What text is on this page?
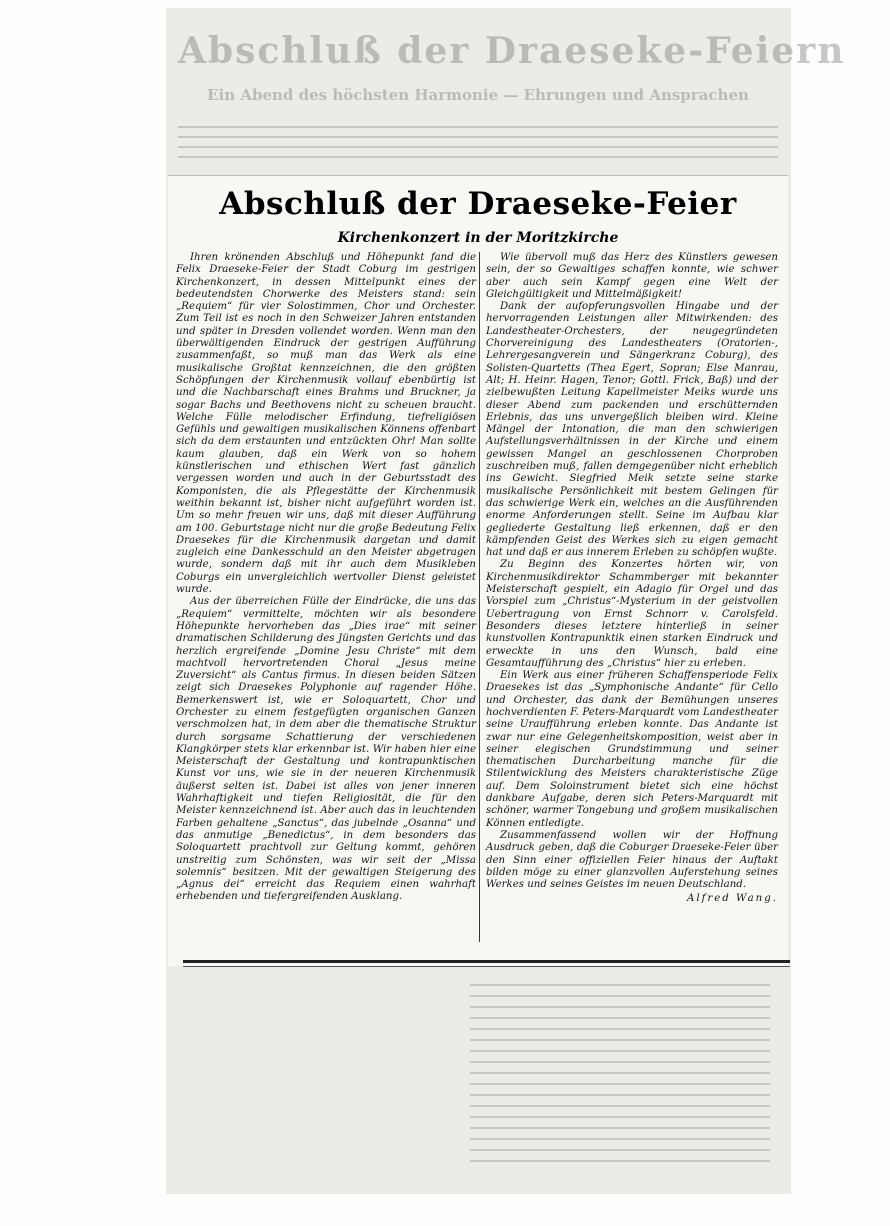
Abschluß der Draeseke-Feiern
Ein Abend des höchsten Harmonie — Ehrungen und Ansprachen
Abschluß der Draeseke-Feier
Kirchenkonzert in der Moritzkirche

Ihren krönenden Abschluß und Höhepunkt fand die Felix Draeseke-Feier der Stadt Coburg im gestrigen Kirchenkonzert, in dessen Mittelpunkt eines der bedeutendsten Chorwerke des Meisters stand: sein „Requiem“ für vier Solostimmen, Chor und Orchester. Zum Teil ist es noch in den Schweizer Jahren entstanden und später in Dresden vollendet worden. Wenn man den überwältigenden Eindruck der gestrigen Aufführung zusammenfaßt, so muß man das Werk als eine musikalische Großtat kennzeichnen, die den größten Schöpfungen der Kirchenmusik vollauf ebenbürtig ist und die Nachbarschaft eines Brahms und Bruckner, ja sogar Bachs und Beethovens nicht zu scheuen braucht. Welche Fülle melodischer Erfindung, tiefreligiösen Gefühls und gewaltigen musikalischen Könnens offenbart sich da dem erstaunten und entzückten Ohr! Man sollte kaum glauben, daß ein Werk von so hohem künstlerischen und ethischen Wert fast gänzlich vergessen worden und auch in der Geburtsstadt des Komponisten, die als Pflegestätte der Kirchenmusik weithin bekannt ist, bisher nicht aufgeführt worden ist. Um so mehr freuen wir uns, daß mit dieser Aufführung am 100. Geburtstage nicht nur die große Bedeutung Felix Draesekes für die Kirchenmusik dargetan und damit zugleich eine Dankesschuld an den Meister abgetragen wurde, sondern daß mit ihr auch dem Musikleben Coburgs ein unvergleichlich wertvoller Dienst geleistet wurde.

Aus der überreichen Fülle der Eindrücke, die uns das „Requiem“ vermittelte, möchten wir als besondere Höhepunkte hervorheben das „Dies irae“ mit seiner dramatischen Schilderung des Jüngsten Gerichts und das herzlich ergreifende „Domine Jesu Christe“ mit dem machtvoll hervortretenden Choral „Jesus meine Zuversicht“ als Cantus firmus. In diesen beiden Sätzen zeigt sich Draesekes Polyphonie auf ragender Höhe. Bemerkenswert ist, wie er Soloquartett, Chor und Orchester zu einem festgefügten organischen Ganzen verschmolzen hat, in dem aber die thematische Struktur durch sorgsame Schattierung der verschiedenen Klangkörper stets klar erkennbar ist. Wir haben hier eine Meisterschaft der Gestaltung und kontrapunktischen Kunst vor uns, wie sie in der neueren Kirchenmusik äußerst selten ist. Dabei ist alles von jener inneren Wahrhaftigkeit und tiefen Religiosität, die für den Meister kennzeichnend ist. Aber auch das in leuchtenden Farben gehaltene „Sanctus“, das jubelnde „Osanna“ und das anmutige „Benedictus“, in dem besonders das Soloquartett prachtvoll zur Geltung kommt, gehören unstreitig zum Schönsten, was wir seit der „Missa solemnis“ besitzen. Mit der gewaltigen Steigerung des „Agnus dei“ erreicht das Requiem einen wahrhaft erhebenden und tiefergreifenden Ausklang.

Wie übervoll muß das Herz des Künstlers gewesen sein, der so Gewaltiges schaffen konnte, wie schwer aber auch sein Kampf gegen eine Welt der Gleichgültigkeit und Mittelmäßigkeit!

Dank der aufopferungsvollen Hingabe und der hervorragenden Leistungen aller Mitwirkenden: des Landestheater-Orchesters, der neugegründeten Chorvereinigung des Landestheaters (Oratorien-, Lehrergesangverein und Sängerkranz Coburg), des Solisten-Quartetts (Thea Egert, Sopran; Else Manrau, Alt; H. Heinr. Hagen, Tenor; Gottl. Frick, Baß) und der zielbewußten Leitung Kapellmeister Meiks wurde uns dieser Abend zum packenden und erschütternden Erlebnis, das uns unvergeßlich bleiben wird. Kleine Mängel der Intonation, die man den schwierigen Aufstellungsverhältnissen in der Kirche und einem gewissen Mangel an geschlossenen Chorproben zuschreiben muß, fallen demgegenüber nicht erheblich ins Gewicht. Siegfried Meik setzte seine starke musikalische Persönlichkeit mit bestem Gelingen für das schwierige Werk ein, welches an die Ausführenden enorme Anforderungen stellt. Seine im Aufbau klar gegliederte Gestaltung ließ erkennen, daß er den kämpfenden Geist des Werkes sich zu eigen gemacht hat und daß er aus innerem Erleben zu schöpfen wußte.

Zu Beginn des Konzertes hörten wir, von Kirchenmusikdirektor Schammberger mit bekannter Meisterschaft gespielt, ein Adagio für Orgel und das Vorspiel zum „Christus“-Mysterium in der geistvollen Uebertragung von Ernst Schnorr v. Carolsfeld. Besonders dieses letztere hinterließ in seiner kunstvollen Kontrapunktik einen starken Eindruck und erweckte in uns den Wunsch, bald eine Gesamtaufführung des „Christus“ hier zu erleben.

Ein Werk aus einer früheren Schaffensperiode Felix Draesekes ist das „Symphonische Andante“ für Cello und Orchester, das dank der Bemühungen unseres hochverdienten F. Peters-Marquardt vom Landestheater seine Uraufführung erleben konnte. Das Andante ist zwar nur eine Gelegenheitskomposition, weist aber in seiner elegischen Grundstimmung und seiner thematischen Durcharbeitung manche für die Stilentwicklung des Meisters charakteristische Züge auf. Dem Soloinstrument bietet sich eine höchst dankbare Aufgabe, deren sich Peters-Marquardt mit schöner, warmer Tongebung und großem musikalischen Können entledigte.

Zusammenfassend wollen wir der Hoffnung Ausdruck geben, daß die Coburger Draeseke-Feier über den Sinn einer offiziellen Feier hinaus der Auftakt bilden möge zu einer glanzvollen Auferstehung seines Werkes und seines Geistes im neuen Deutschland.

Alfred Wang.
